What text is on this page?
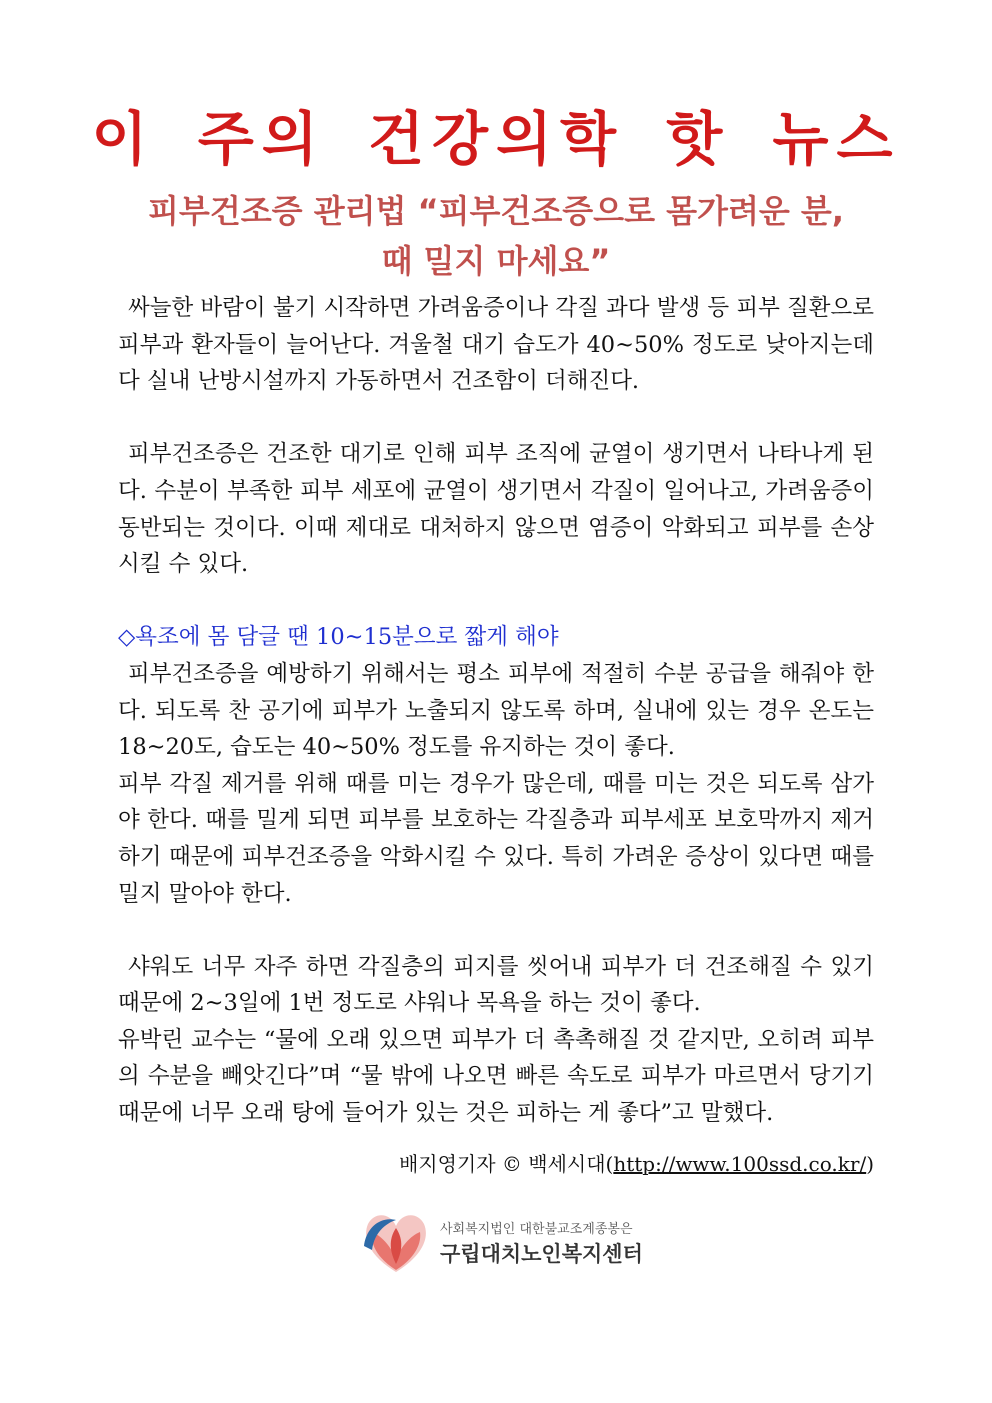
이 주의 건강의학 핫 뉴스
피부건조증 관리법 “피부건조증으로 몸가려운 분,
때 밀지 마세요”

싸늘한 바람이 불기 시작하면 가려움증이나 각질 과다 발생 등 피부 질환으로 피부과 환자들이 늘어난다. 겨울철 대기 습도가 40~50% 정도로 낮아지는데다 실내 난방시설까지 가동하면서 건조함이 더해진다.

피부건조증은 건조한 대기로 인해 피부 조직에 균열이 생기면서 나타나게 된다. 수분이 부족한 피부 세포에 균열이 생기면서 각질이 일어나고, 가려움증이 동반되는 것이다. 이때 제대로 대처하지 않으면 염증이 악화되고 피부를 손상시킬 수 있다.

◇욕조에 몸 담글 땐 10~15분으로 짧게 해야

피부건조증을 예방하기 위해서는 평소 피부에 적절히 수분 공급을 해줘야 한다. 되도록 찬 공기에 피부가 노출되지 않도록 하며, 실내에 있는 경우 온도는 18~20도, 습도는 40~50% 정도를 유지하는 것이 좋다.

피부 각질 제거를 위해 때를 미는 경우가 많은데, 때를 미는 것은 되도록 삼가야 한다. 때를 밀게 되면 피부를 보호하는 각질층과 피부세포 보호막까지 제거하기 때문에 피부건조증을 악화시킬 수 있다. 특히 가려운 증상이 있다면 때를 밀지 말아야 한다.

샤워도 너무 자주 하면 각질층의 피지를 씻어내 피부가 더 건조해질 수 있기 때문에 2~3일에 1번 정도로 샤워나 목욕을 하는 것이 좋다.

유박린 교수는 “물에 오래 있으면 피부가 더 촉촉해질 것 같지만, 오히려 피부의 수분을 빼앗긴다”며 “물 밖에 나오면 빠른 속도로 피부가 마르면서 당기기 때문에 너무 오래 탕에 들어가 있는 것은 피하는 게 좋다”고 말했다.

배지영기자 © 백세시대(http://www.100ssd.co.kr/)
사회복지법인 대한불교조계종봉은
구립대치노인복지센터
